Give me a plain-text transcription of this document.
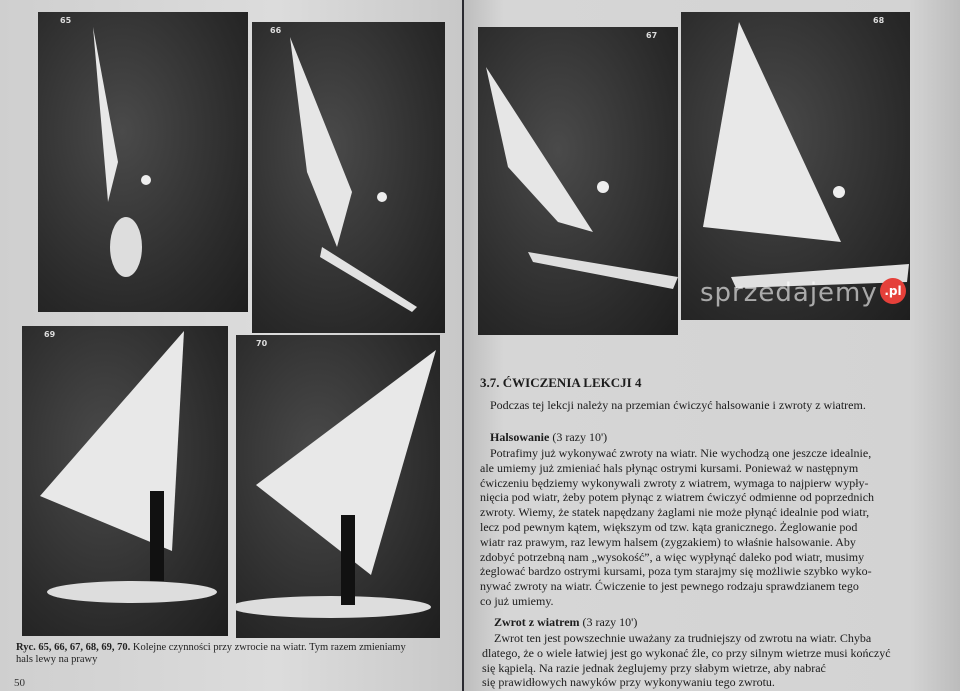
65
66
67
68
69
70
3.7. ĆWICZENIA LEKCJI 4
Podczas tej lekcji należy na przemian ćwiczyć halsowanie i zwroty z wiatrem.
Halsowanie (3 razy 10')
Potrafimy już wykonywać zwroty na wiatr. Nie wychodzą one jeszcze idealnie,
ale umiemy już zmieniać hals płynąc ostrymi kursami. Ponieważ w następnym
ćwiczeniu będziemy wykonywali zwroty z wiatrem, wymaga to najpierw wypły-
nięcia pod wiatr, żeby potem płynąc z wiatrem ćwiczyć odmienne od poprzednich
zwroty. Wiemy, że statek napędzany żaglami nie może płynąć idealnie pod wiatr,
lecz pod pewnym kątem, większym od tzw. kąta granicznego. Żeglowanie pod
wiatr raz prawym, raz lewym halsem (zygzakiem) to właśnie halsowanie. Aby
zdobyć potrzebną nam „wysokość”, a więc wypłynąć daleko pod wiatr, musimy
żeglować bardzo ostrymi kursami, poza tym starajmy się możliwie szybko wyko-
nywać zwroty na wiatr. Ćwiczenie to jest pewnego rodzaju sprawdzianem tego
co już umiemy.
Zwrot z wiatrem (3 razy 10')
Zwrot ten jest powszechnie uważany za trudniejszy od zwrotu na wiatr. Chyba
dlatego, że o wiele łatwiej jest go wykonać źle, co przy silnym wietrze musi kończyć
się kąpielą. Na razie jednak żeglujemy przy słabym wietrze, aby nabrać
się prawidłowych nawyków przy wykonywaniu tego zwrotu.
Ryc. 65, 66, 67, 68, 69, 70. Kolejne czynności przy zwrocie na wiatr. Tym razem zmieniamy
hals lewy na prawy
50
sprzedajemy .pl
